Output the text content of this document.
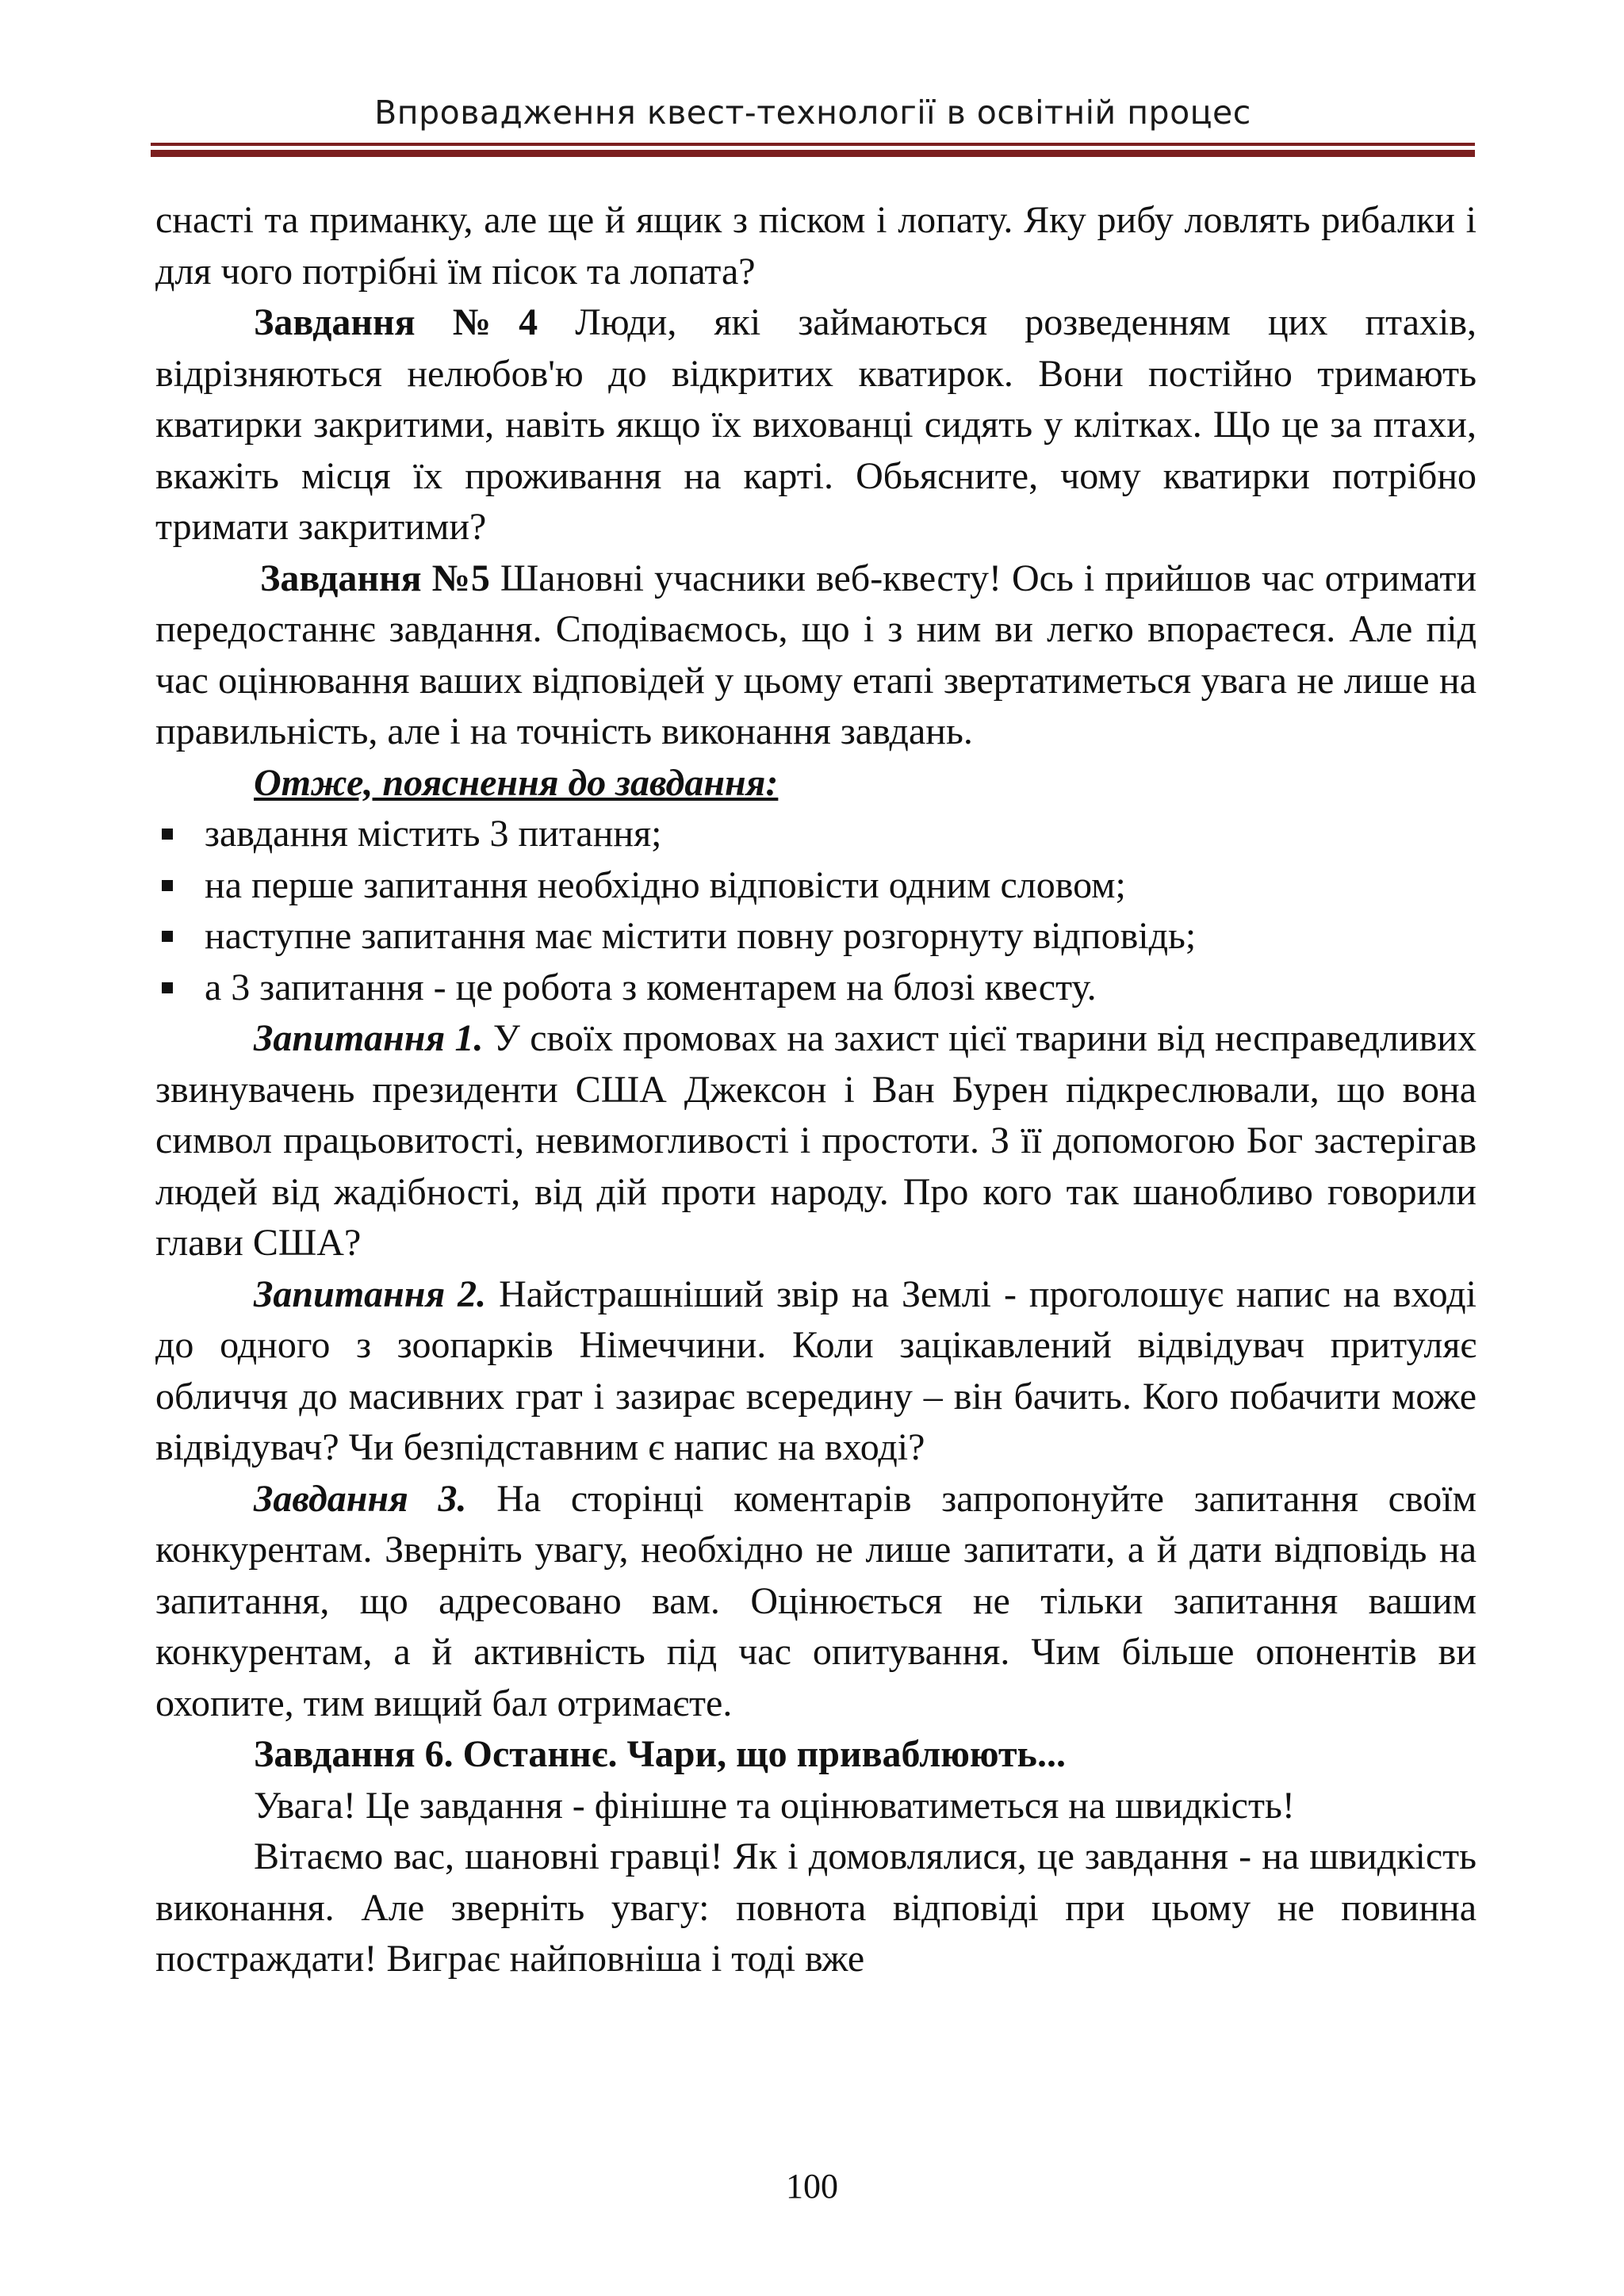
Впровадження квест-технології в освітній процес

снасті та приманку, але ще й ящик з піском і лопату. Яку рибу ловлять рибалки і для чого потрібні їм пісок та лопата?

Завдання №4 Люди, які займаються розведенням цих птахів, відрізняються нелюбов'ю до відкритих кватирок. Вони постійно тримають кватирки закритими, навіть якщо їх вихованці сидять у клітках. Що це за птахи, вкажіть місця їх проживання на карті. Обьясните, чому кватирки потрібно тримати закритими?

Завдання №5 Шановні учасники веб-квесту! Ось і прийшов час отримати передостаннє завдання. Сподіваємось, що і з ним ви легко впораєтеся. Але під час оцінювання ваших відповідей у цьому етапі звертатиметься увага не лише на правильність, але і на точність виконання завдань.

Отже, пояснення до завдання:

завдання містить 3 питання;
на перше запитання необхідно відповісти одним словом;
наступне запитання має містити повну розгорнуту відповідь;
а 3 запитання - це робота з коментарем на блозі квесту.

Запитання 1. У своїх промовах на захист цієї тварини від несправедливих звинувачень президенти США Джексон і Ван Бурен підкреслювали, що вона символ працьовитості, невимогливості і простоти. З її допомогою Бог застерігав людей від жадібності, від дій проти народу. Про кого так шанобливо говорили глави США?

Запитання 2. Найстрашніший звір на Землі - проголошує напис на вході до одного з зоопарків Німеччини. Коли зацікавлений відвідувач притуляє обличчя до масивних грат і зазирає всередину – він бачить. Кого побачити може відвідувач? Чи безпідставним є напис на вході?

Завдання 3. На сторінці коментарів запропонуйте запитання своїм конкурентам. Зверніть увагу, необхідно не лише запитати, а й дати відповідь на запитання, що адресовано вам. Оцінюється не тільки запитання вашим конкурентам, а й активність під час опитування. Чим більше опонентів ви охопите, тим вищий бал отримаєте.

Завдання 6. Останнє. Чари, що приваблюють...

Увага! Це завдання - фінішне та оцінюватиметься на швидкість!

Вітаємо вас, шановні гравці! Як і домовлялися, це завдання - на швидкість виконання. Але зверніть увагу: повнота відповіді при цьому не повинна постраждати! Виграє найповніша і тоді вже

100
